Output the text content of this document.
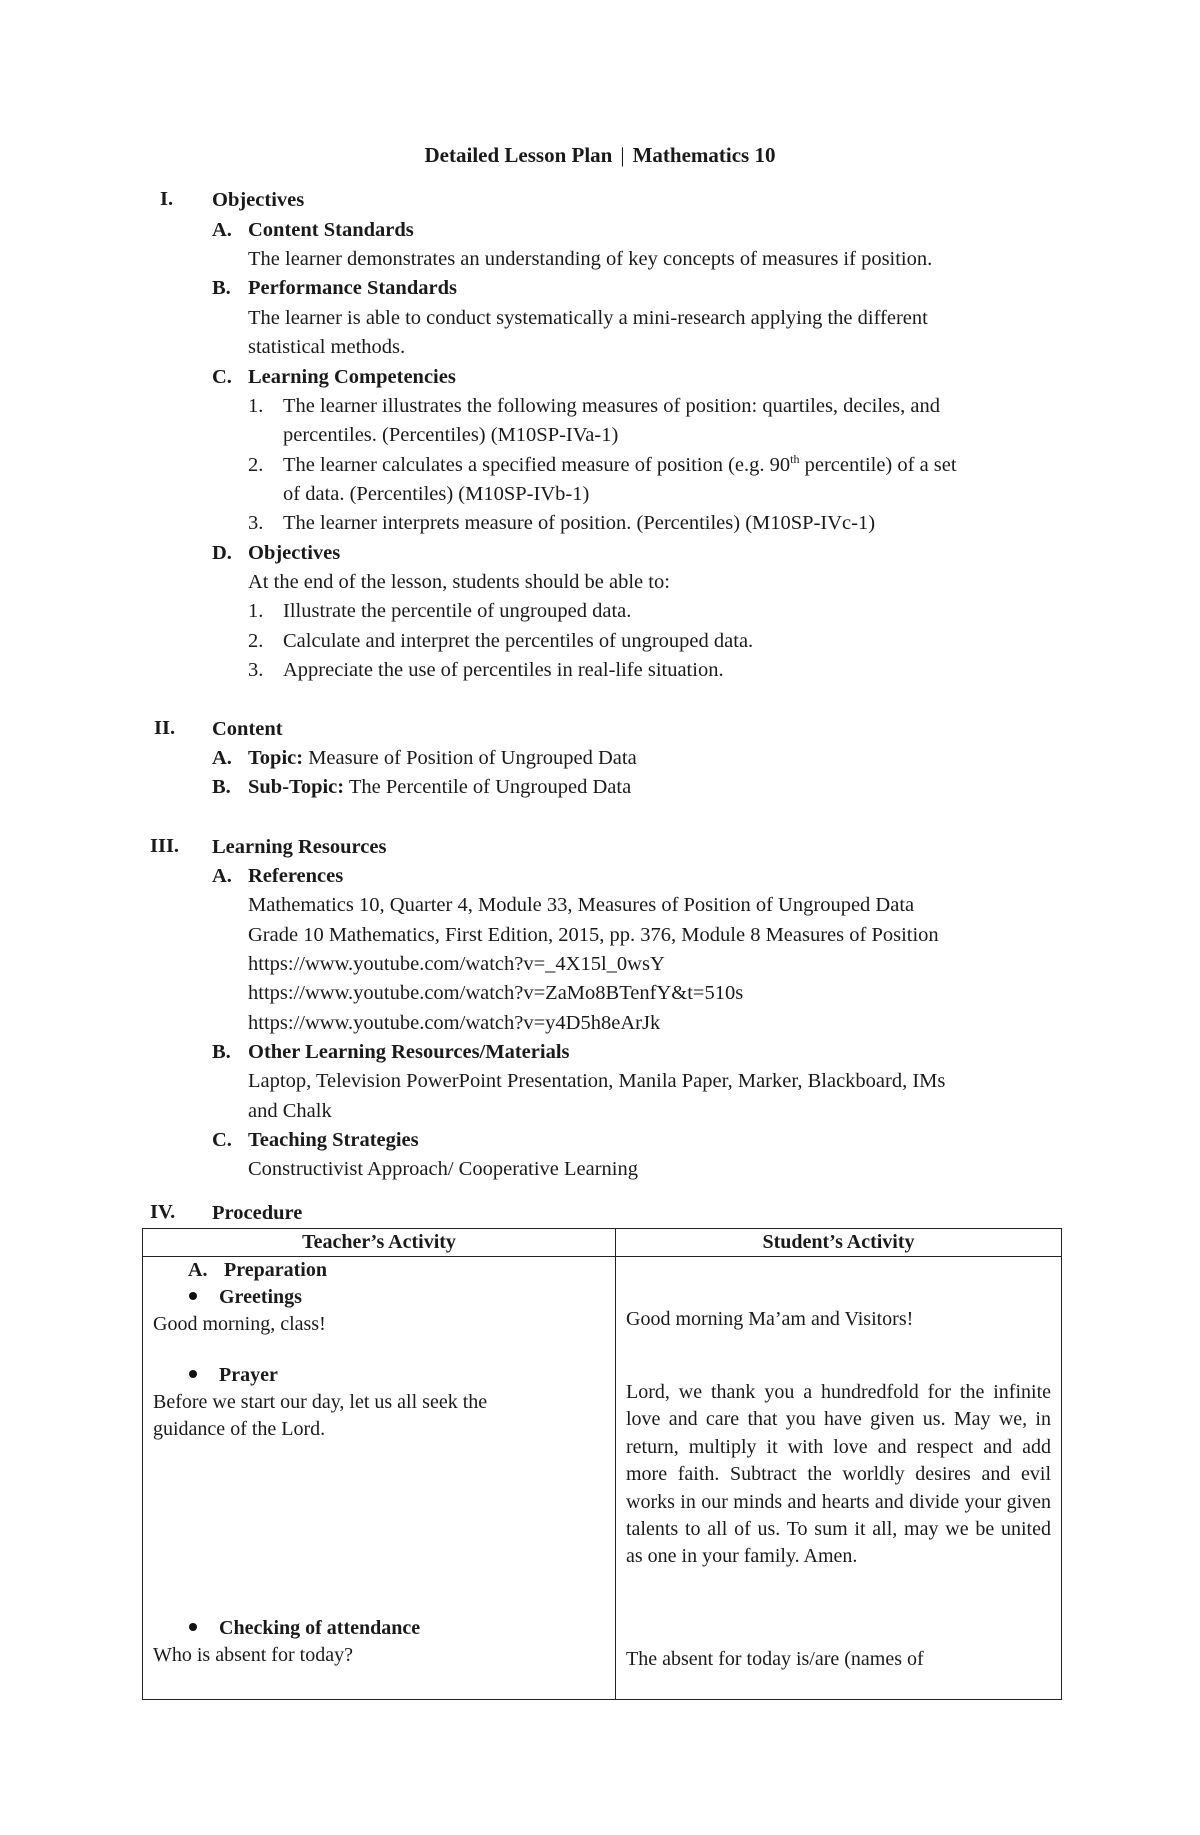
Detailed Lesson Plan | Mathematics 10
I. Objectives
A. Content Standards
The learner demonstrates an understanding of key concepts of measures if position.
B. Performance Standards
The learner is able to conduct systematically a mini-research applying the different
statistical methods.
C. Learning Competencies
1. The learner illustrates the following measures of position: quartiles, deciles, and
percentiles. (Percentiles) (M10SP-IVa-1)
2. The learner calculates a specified measure of position (e.g. 90th percentile) of a set
of data. (Percentiles) (M10SP-IVb-1)
3. The learner interprets measure of position. (Percentiles) (M10SP-IVc-1)
D. Objectives
At the end of the lesson, students should be able to:
1. Illustrate the percentile of ungrouped data.
2. Calculate and interpret the percentiles of ungrouped data.
3. Appreciate the use of percentiles in real-life situation.
II. Content
A. Topic: Measure of Position of Ungrouped Data
B. Sub-Topic: The Percentile of Ungrouped Data
III. Learning Resources
A. References
Mathematics 10, Quarter 4, Module 33, Measures of Position of Ungrouped Data
Grade 10 Mathematics, First Edition, 2015, pp. 376, Module 8 Measures of Position
https://www.youtube.com/watch?v=_4X15l_0wsY
https://www.youtube.com/watch?v=ZaMo8BTenfY&t=510s
https://www.youtube.com/watch?v=y4D5h8eArJk
B. Other Learning Resources/Materials
Laptop, Television PowerPoint Presentation, Manila Paper, Marker, Blackboard, IMs
and Chalk
C. Teaching Strategies
Constructivist Approach/ Cooperative Learning
IV. Procedure
Teacher’s Activity	Student’s Activity
A. Preparation
Greetings
Good morning, class!	Good morning Ma’am and Visitors!
Prayer
Before we start our day, let us all seek the
guidance of the Lord.
Lord, we thank you a hundredfold for the infinite love and care that you have given us. May we, in return, multiply it with love and respect and add more faith. Subtract the worldly desires and evil works in our minds and hearts and divide your given talents to all of us. To sum it all, may we be united as one in your family. Amen.
Checking of attendance
Who is absent for today?	The absent for today is/are (names of
